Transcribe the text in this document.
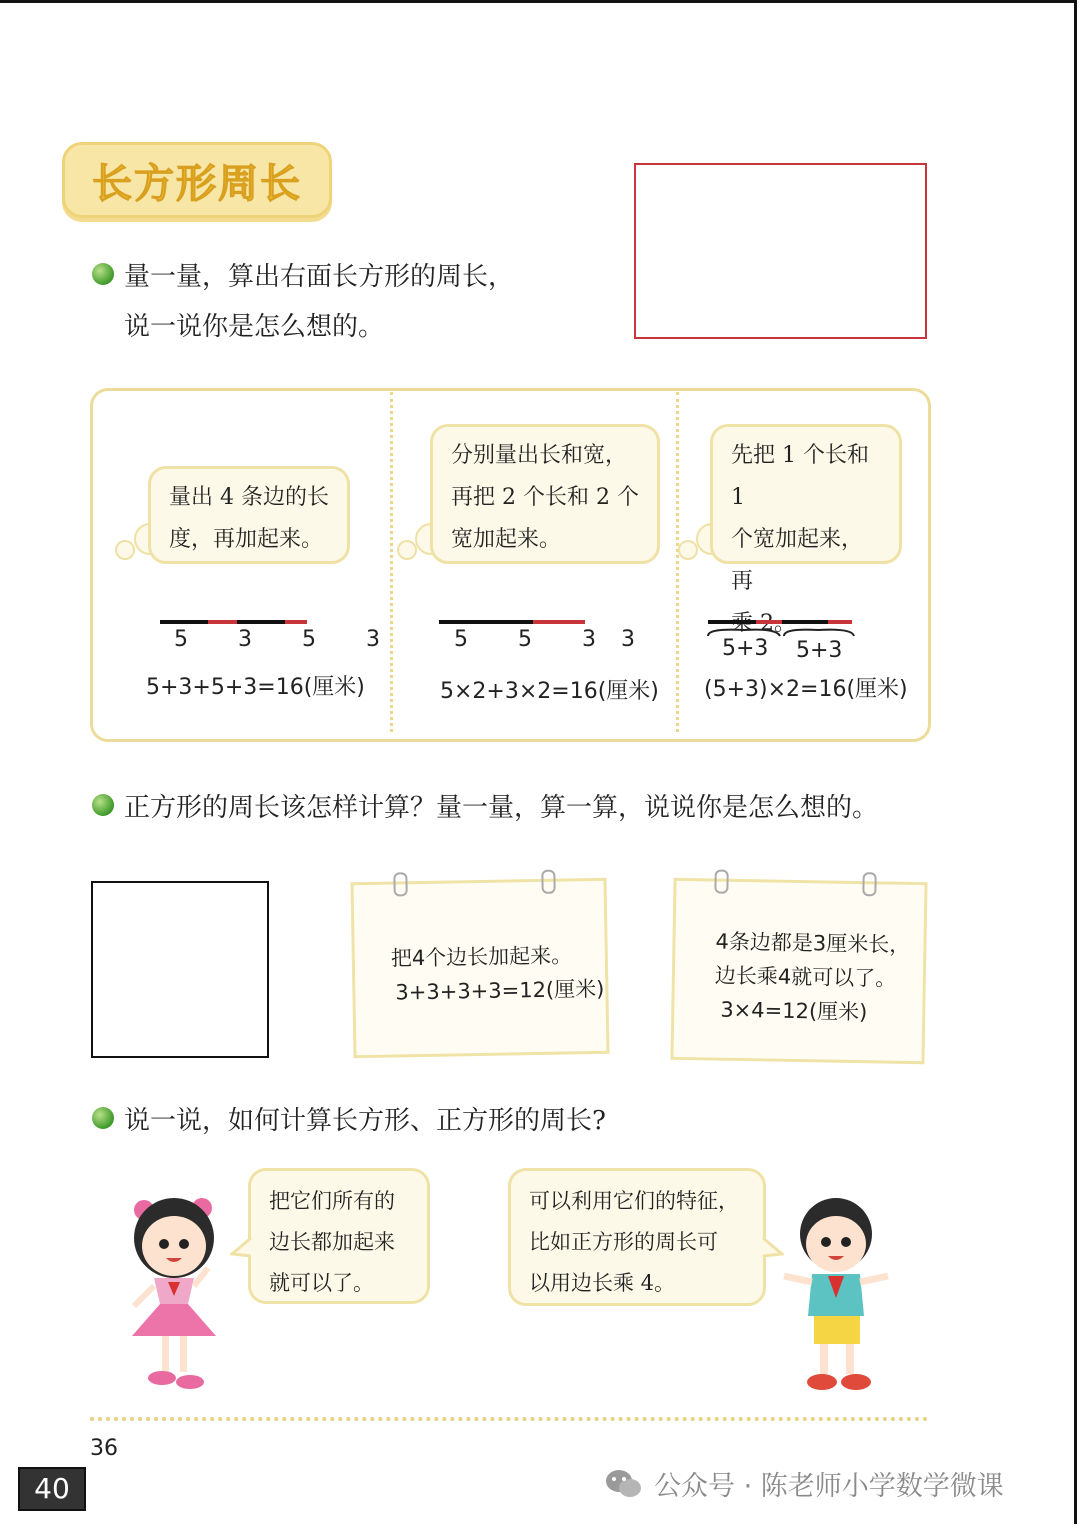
长方形周长
量一量，算出右面长方形的周长，
说一说你是怎么想的。
量出 4 条边的长
度，再加起来。
5  3  5  3
5+3+5+3=16(厘米)
分别量出长和宽，
再把 2 个长和 2 个
宽加起来。
5  5  3 3
5×2+3×2=16(厘米)
先把 1 个长和 1
个宽加起来，再
5+3 5+3
(5+3)×2=16(厘米)
正方形的周长该怎样计算？量一量，算一算，说说你是怎么想的。
把4个边长加起来。
3+3+3+3=12(厘米)
4条边都是3厘米长，
边长乘4就可以了。
3×4=12(厘米)
说一说，如何计算长方形、正方形的周长?
把它们所有的
边长都加起来
就可以了。
可以利用它们的特征，
比如正方形的周长可
以用边长乘 4。
36
40	公众号 · 陈老师小学数学微课
